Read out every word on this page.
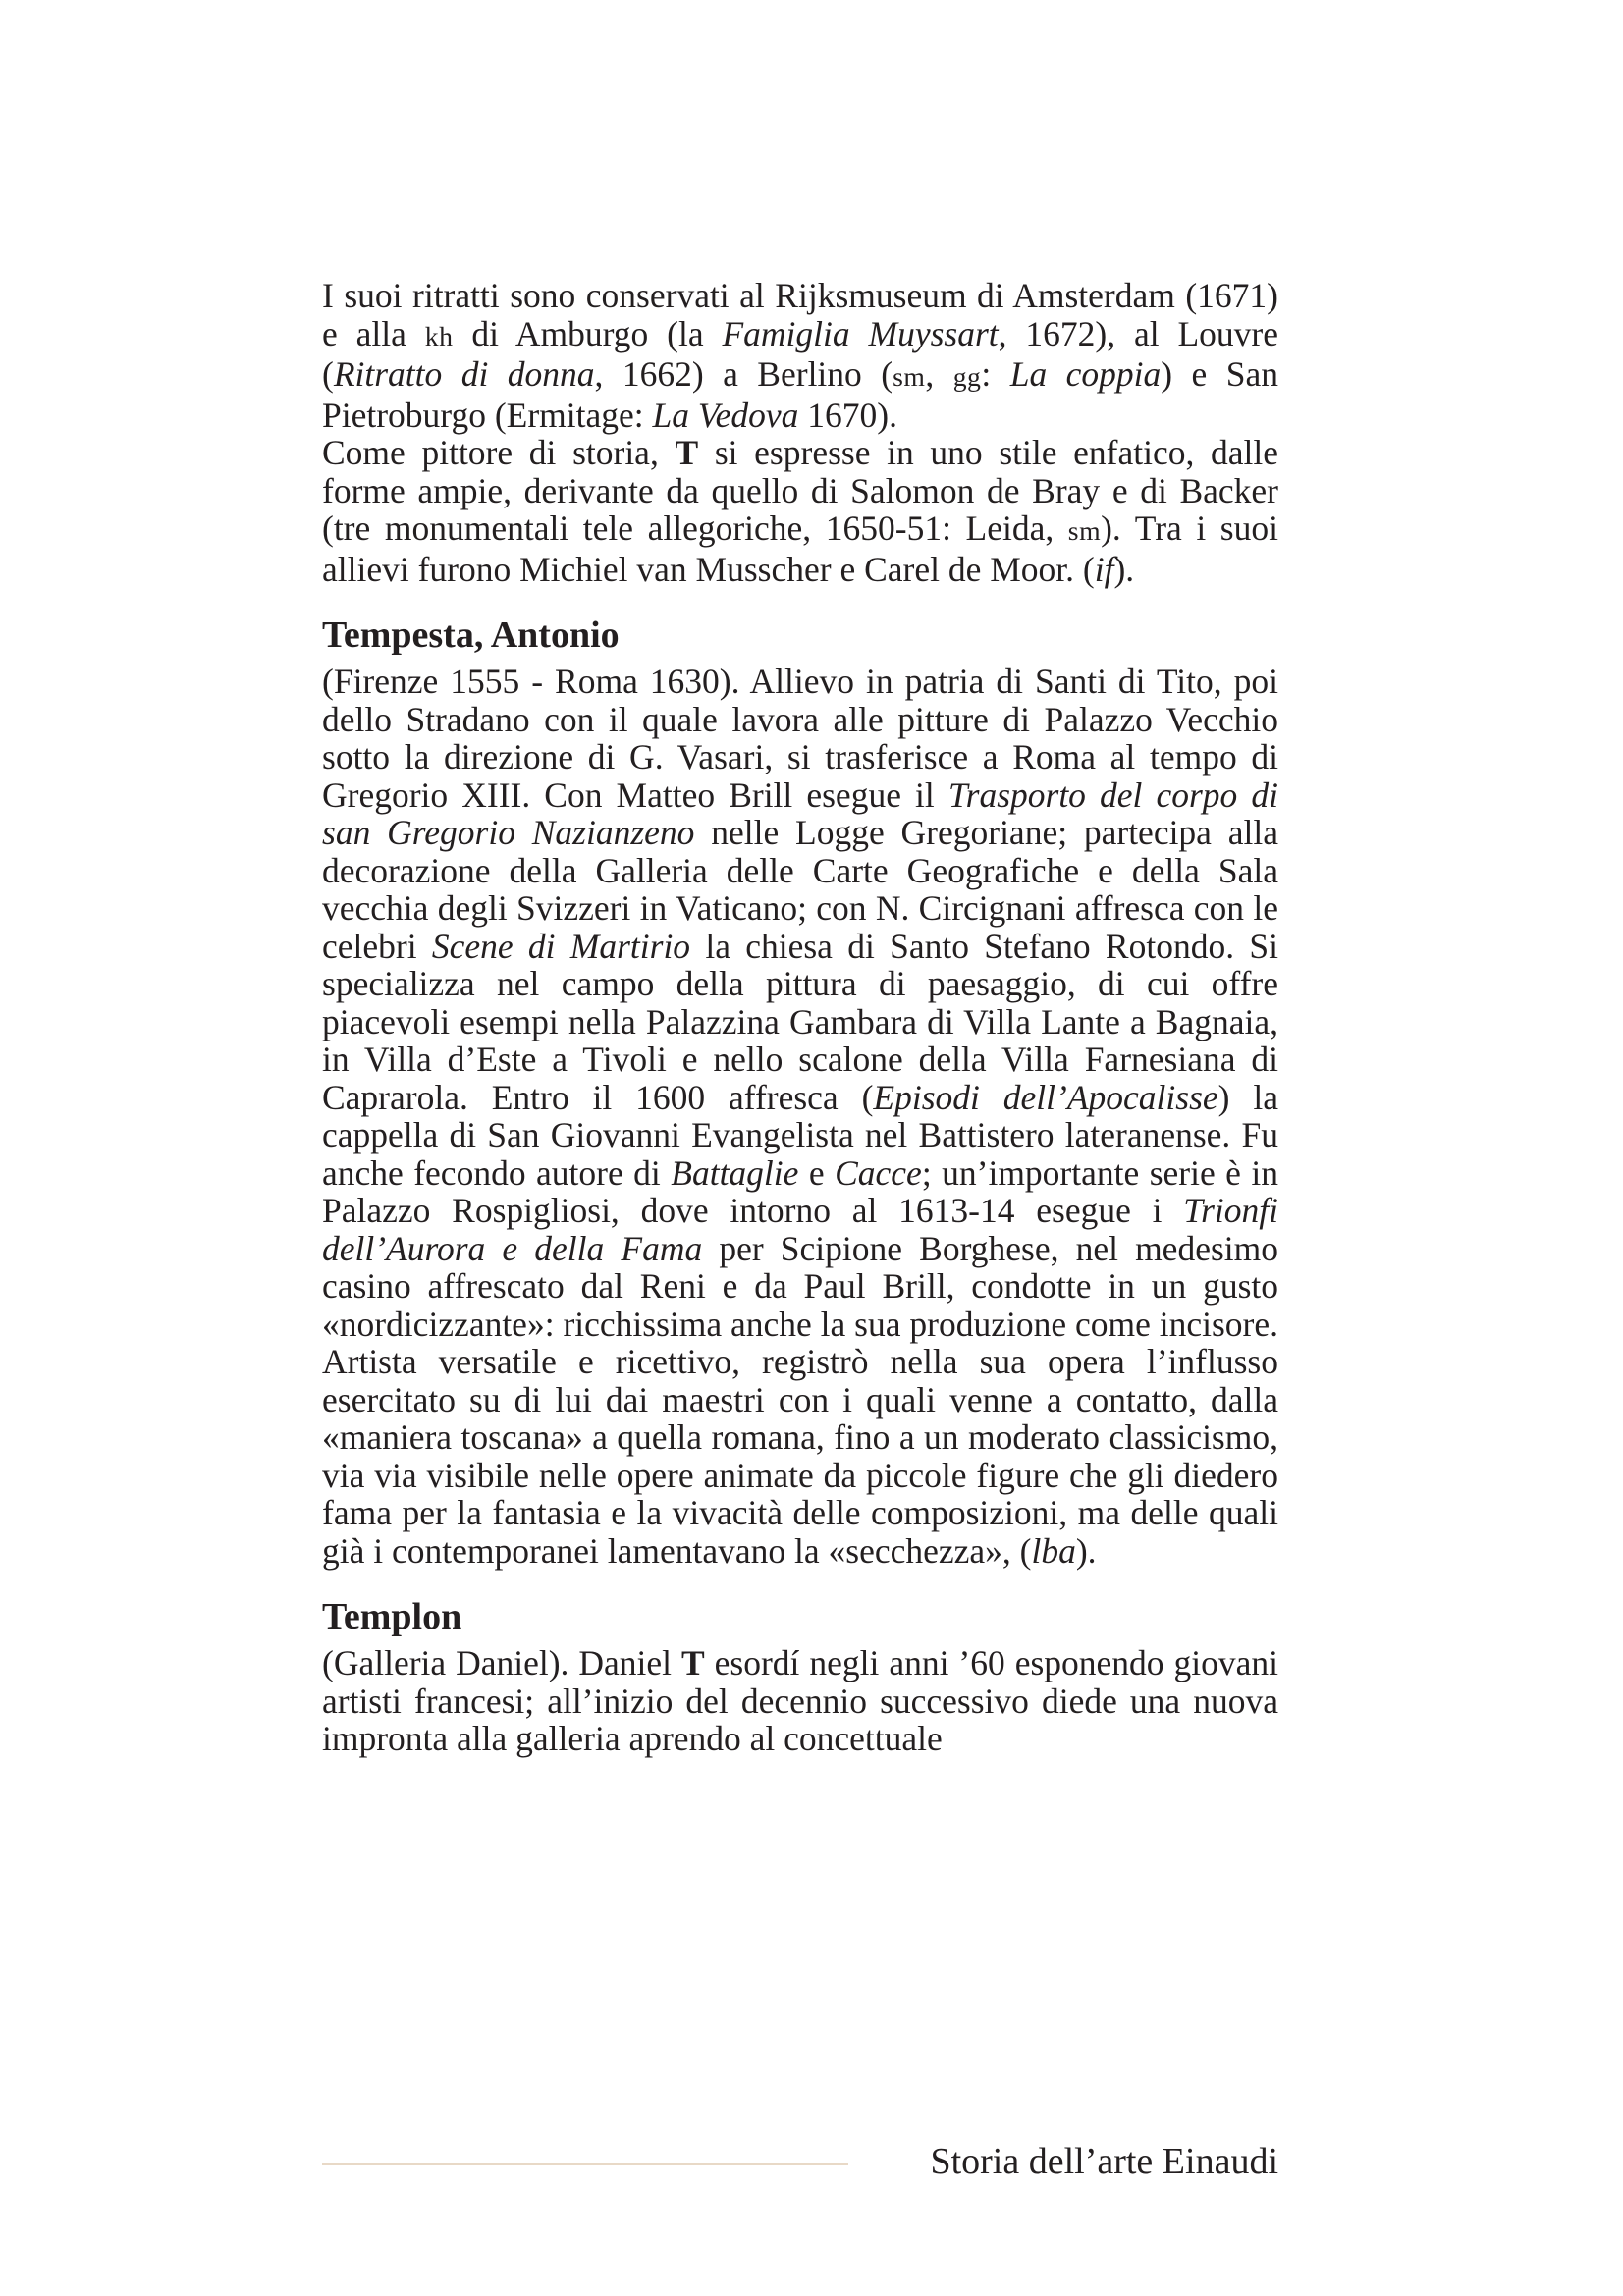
I suoi ritratti sono conservati al Rijksmuseum di Amsterdam (1671) e alla kh di Amburgo (la Famiglia Muyssart, 1672), al Louvre (Ritratto di donna, 1662) a Berlino (sm, gg: La coppia) e San Pietroburgo (Ermitage: La Vedova 1670).

Come pittore di storia, T si espresse in uno stile enfatico, dalle forme ampie, derivante da quello di Salomon de Bray e di Backer (tre monumentali tele allegoriche, 1650-51: Leida, sm). Tra i suoi allievi furono Michiel van Musscher e Carel de Moor. (if).

Tempesta, Antonio

(Firenze 1555 - Roma 1630). Allievo in patria di Santi di Tito, poi dello Stradano con il quale lavora alle pitture di Palazzo Vecchio sotto la direzione di G. Vasari, si trasferisce a Roma al tempo di Gregorio XIII. Con Matteo Brill esegue il Trasporto del corpo di san Gregorio Nazianzeno nelle Logge Gregoriane; partecipa alla decorazione della Galleria delle Carte Geografiche e della Sala vecchia degli Svizzeri in Vaticano; con N. Circignani affresca con le celebri Scene di Martirio la chiesa di Santo Stefano Rotondo. Si specializza nel campo della pittura di paesaggio, di cui offre piacevoli esempi nella Palazzina Gambara di Villa Lante a Bagnaia, in Villa d’Este a Tivoli e nello scalone della Villa Farnesiana di Caprarola. Entro il 1600 affresca (Episodi dell’Apocalisse) la cappella di San Giovanni Evangelista nel Battistero lateranense. Fu anche fecondo autore di Battaglie e Cacce; un’importante serie è in Palazzo Rospigliosi, dove intorno al 1613-14 esegue i Trionfi dell’Aurora e della Fama per Scipione Borghese, nel medesimo casino affrescato dal Reni e da Paul Brill, condotte in un gusto «nordicizzante»: ricchissima anche la sua produzione come incisore. Artista versatile e ricettivo, registrò nella sua opera l’influsso esercitato su di lui dai maestri con i quali venne a contatto, dalla «maniera toscana» a quella romana, fino a un moderato classicismo, via via visibile nelle opere animate da piccole figure che gli diedero fama per la fantasia e la vivacità delle composizioni, ma delle quali già i contemporanei lamentavano la «secchezza», (lba).

Templon

(Galleria Daniel). Daniel T esordí negli anni ’60 esponendo giovani artisti francesi; all’inizio del decennio successivo diede una nuova impronta alla galleria aprendo al concettuale

Storia dell’arte Einaudi
